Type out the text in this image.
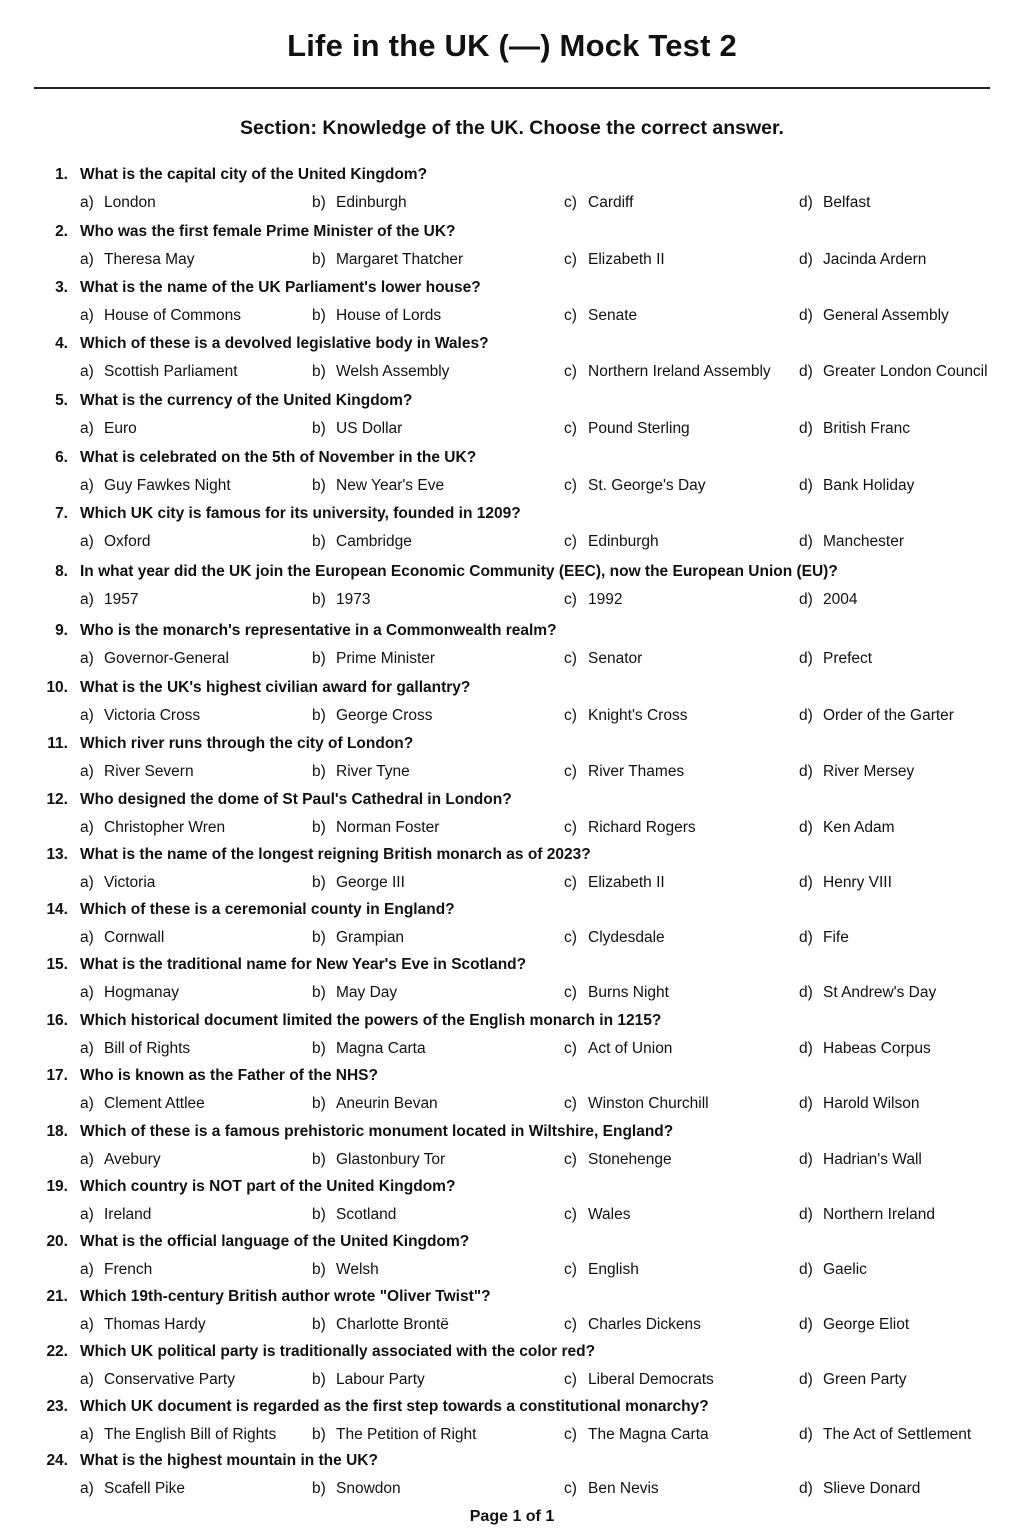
Life in the UK (—) Mock Test 2
Section: Knowledge of the UK. Choose the correct answer.
1. What is the capital city of the United Kingdom?
a) London	b) Edinburgh	c) Cardiff	d) Belfast
2. Who was the first female Prime Minister of the UK?
a) Theresa May	b) Margaret Thatcher	c) Elizabeth II	d) Jacinda Ardern
3. What is the name of the UK Parliament's lower house?
a) House of Commons	b) House of Lords	c) Senate	d) General Assembly
4. Which of these is a devolved legislative body in Wales?
a) Scottish Parliament	b) Welsh Assembly	c) Northern Ireland Assembly d) Greater London Council
5. What is the currency of the United Kingdom?
a) Euro	b) US Dollar	c) Pound Sterling	d) British Franc
6. What is celebrated on the 5th of November in the UK?
a) Guy Fawkes Night	b) New Year's Eve	c) St. George's Day	d) Bank Holiday
7. Which UK city is famous for its university, founded in 1209?
a) Oxford	b) Cambridge	c) Edinburgh	d) Manchester
8. In what year did the UK join the European Economic Community (EEC), now the European Union (EU)?
a) 1957	b) 1973	c) 1992	d) 2004
9. Who is the monarch's representative in a Commonwealth realm?
a) Governor-General	b) Prime Minister	c) Senator	d) Prefect
10. What is the UK's highest civilian award for gallantry?
a) Victoria Cross	b) George Cross	c) Knight's Cross	d) Order of the Garter
11. Which river runs through the city of London?
a) River Severn	b) River Tyne	c) River Thames	d) River Mersey
12. Who designed the dome of St Paul's Cathedral in London?
a) Christopher Wren	b) Norman Foster	c) Richard Rogers	d) Ken Adam
13. What is the name of the longest reigning British monarch as of 2023?
a) Victoria	b) George III	c) Elizabeth II	d) Henry VIII
14. Which of these is a ceremonial county in England?
a) Cornwall	b) Grampian	c) Clydesdale	d) Fife
15. What is the traditional name for New Year's Eve in Scotland?
a) Hogmanay	b) May Day	c) Burns Night	d) St Andrew's Day
16. Which historical document limited the powers of the English monarch in 1215?
a) Bill of Rights	b) Magna Carta	c) Act of Union	d) Habeas Corpus
17. Who is known as the Father of the NHS?
a) Clement Attlee	b) Aneurin Bevan	c) Winston Churchill	d) Harold Wilson
18. Which of these is a famous prehistoric monument located in Wiltshire, England?
a) Avebury	b) Glastonbury Tor	c) Stonehenge	d) Hadrian's Wall
19. Which country is NOT part of the United Kingdom?
a) Ireland	b) Scotland	c) Wales	d) Northern Ireland
20. What is the official language of the United Kingdom?
a) French	b) Welsh	c) English	d) Gaelic
21. Which 19th-century British author wrote "Oliver Twist"?
a) Thomas Hardy	b) Charlotte Brontë	c) Charles Dickens	d) George Eliot
22. Which UK political party is traditionally associated with the color red?
a) Conservative Party	b) Labour Party	c) Liberal Democrats	d) Green Party
23. Which UK document is regarded as the first step towards a constitutional monarchy?
a) The English Bill of Rights b) The Petition of Right	c) The Magna Carta	d) The Act of Settlement
24. What is the highest mountain in the UK?
a) Scafell Pike	b) Snowdon	c) Ben Nevis	d) Slieve Donard
Page 1 of 1
